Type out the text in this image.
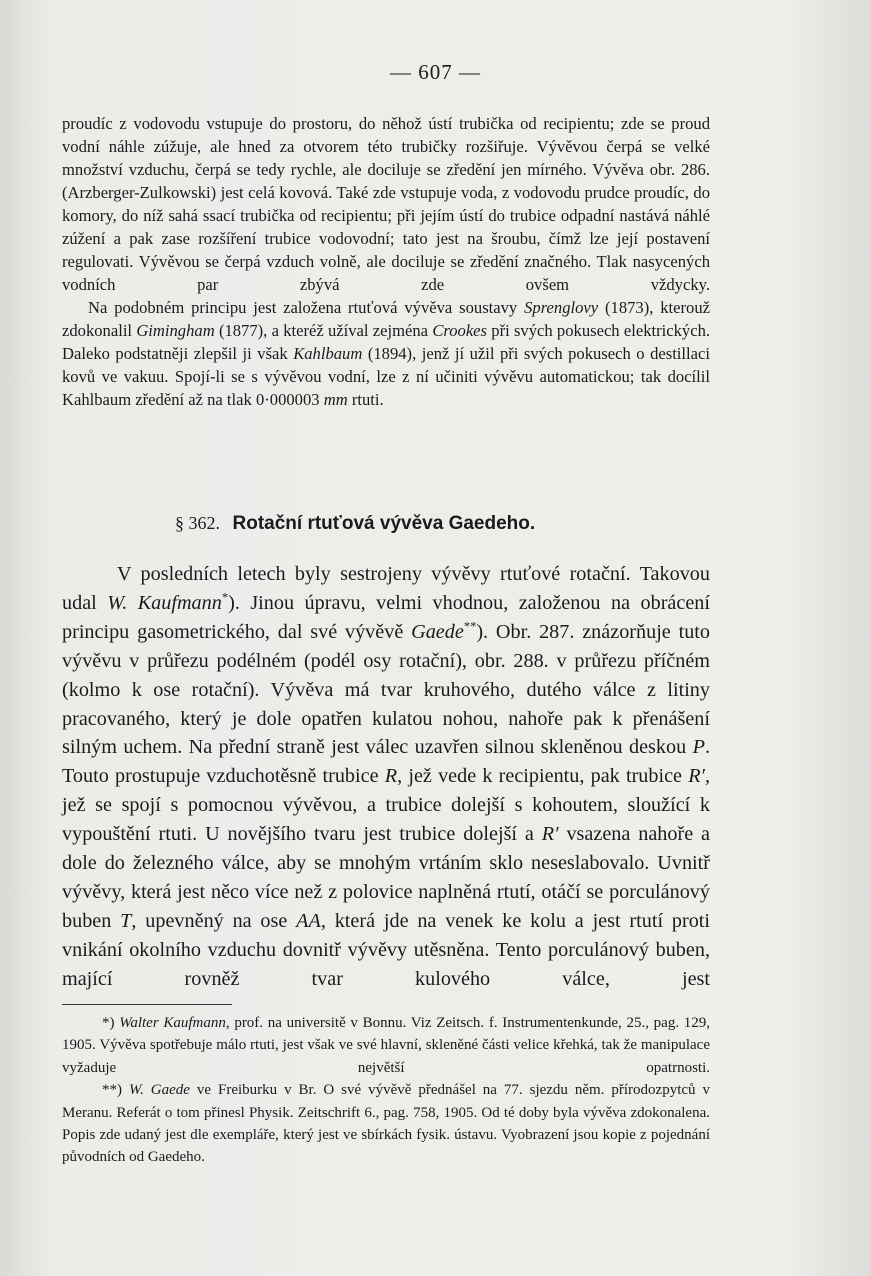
— 607 —

proudíc z vodovodu vstupuje do prostoru, do něhož ústí trubička od recipientu; zde se proud vodní náhle zúžuje, ale hned za otvorem této trubičky rozšiřuje. Vývěvou čerpá se velké množství vzduchu, čerpá se tedy rychle, ale dociluje se zředění jen mírného. Vývěva obr. 286. (Arzberger-Zulkowski) jest celá kovová. Také zde vstupuje voda, z vodovodu prudce proudíc, do komory, do níž sahá ssací trubička od recipientu; při jejím ústí do trubice odpadní nastává náhlé zúžení a pak zase rozšíření trubice vodovodní; tato jest na šroubu, čímž lze její postavení regulovati. Vývěvou se čerpá vzduch volně, ale dociluje se zředění značného. Tlak nasycených vodních par zbývá zde ovšem vždycky.

Na podobném principu jest založena rtuťová vývěva soustavy Sprenglovy (1873), kterouž zdokonalil Gimingham (1877), a kteréž užíval zejména Crookes při svých pokusech elektrických. Daleko podstatněji zlepšil ji však Kahlbaum (1894), jenž jí užil při svých pokusech o destillaci kovů ve vakuu. Spojí-li se s vývěvou vodní, lze z ní učiniti vývěvu automatickou; tak docílil Kahlbaum zředění až na tlak 0·000003 mm rtuti.

§ 362. Rotační rtuťová vývěva Gaedeho.

V posledních letech byly sestrojeny vývěvy rtuťové rotační. Takovou udal W. Kaufmann*). Jinou úpravu, velmi vhodnou, založenou na obrácení principu gasometrického, dal své vývěvě Gaede**). Obr. 287. znázorňuje tuto vývěvu v průřezu podélném (podél osy rotační), obr. 288. v průřezu příčném (kolmo k ose rotační). Vývěva má tvar kruhového, dutého válce z litiny pracovaného, který je dole opatřen kulatou nohou, nahoře pak k přenášení silným uchem. Na přední straně jest válec uzavřen silnou skleněnou deskou P. Touto prostupuje vzduchotěsně trubice R, jež vede k recipientu, pak trubice R′, jež se spojí s pomocnou vývěvou, a trubice dolejší s kohoutem, sloužící k vypouštění rtuti. U novějšího tvaru jest trubice dolejší a R′ vsazena nahoře a dole do železného válce, aby se mnohým vrtáním sklo neseslabovalo. Uvnitř vývěvy, která jest něco více než z polovice naplněná rtutí, otáčí se porculánový buben T, upevněný na ose AA, která jde na venek ke kolu a jest rtutí proti vnikání okolního vzduchu dovnitř vývěvy utěsněna. Tento porculánový buben, mající rovněž tvar kulového válce, jest

*) Walter Kaufmann, prof. na universitě v Bonnu. Viz Zeitsch. f. Instrumentenkunde, 25., pag. 129, 1905. Vývěva spotřebuje málo rtuti, jest však ve své hlavní, skleněné části velice křehká, tak že manipulace vyžaduje největší opatrnosti.

**) W. Gaede ve Freiburku v Br. O své vývěvě přednášel na 77. sjezdu něm. přírodozpytců v Meranu. Referát o tom přinesl Physik. Zeitschrift 6., pag. 758, 1905. Od té doby byla vývěva zdokonalena. Popis zde udaný jest dle exempláře, který jest ve sbírkách fysik. ústavu. Vyobrazení jsou kopie z pojednání původních od Gaedeho.
